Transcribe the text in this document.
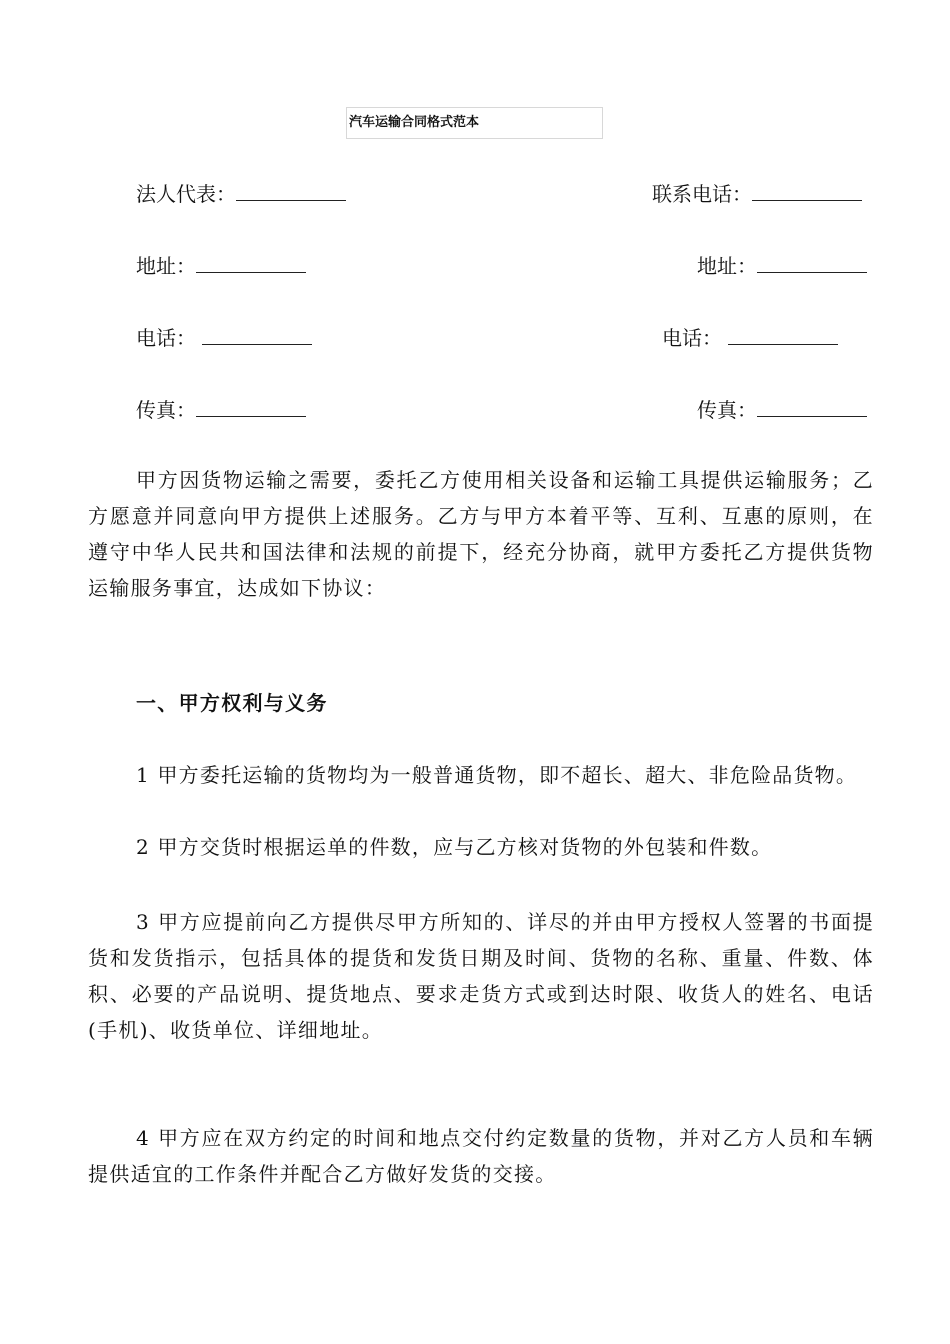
汽车运输合同格式范本
法人代表：	联系电话：
地址：	地址：
电话：	电话：
传真：	传真：

甲方因货物运输之需要，委托乙方使用相关设备和运输工具提供运输服务；乙方愿意并同意向甲方提供上述服务。乙方与甲方本着平等、互利、互惠的原则，在遵守中华人民共和国法律和法规的前提下，经充分协商，就甲方委托乙方提供货物运输服务事宜，达成如下协议：

一、甲方权利与义务
1 甲方委托运输的货物均为一般普通货物，即不超长、超大、非危险品货物。
2 甲方交货时根据运单的件数，应与乙方核对货物的外包装和件数。

3 甲方应提前向乙方提供尽甲方所知的、详尽的并由甲方授权人签署的书面提货和发货指示，包括具体的提货和发货日期及时间、货物的名称、重量、件数、体积、必要的产品说明、提货地点、要求走货方式或到达时限、收货人的姓名、电话(手机)、收货单位、详细地址。

4 甲方应在双方约定的时间和地点交付约定数量的货物，并对乙方人员和车辆提供适宜的工作条件并配合乙方做好发货的交接。
